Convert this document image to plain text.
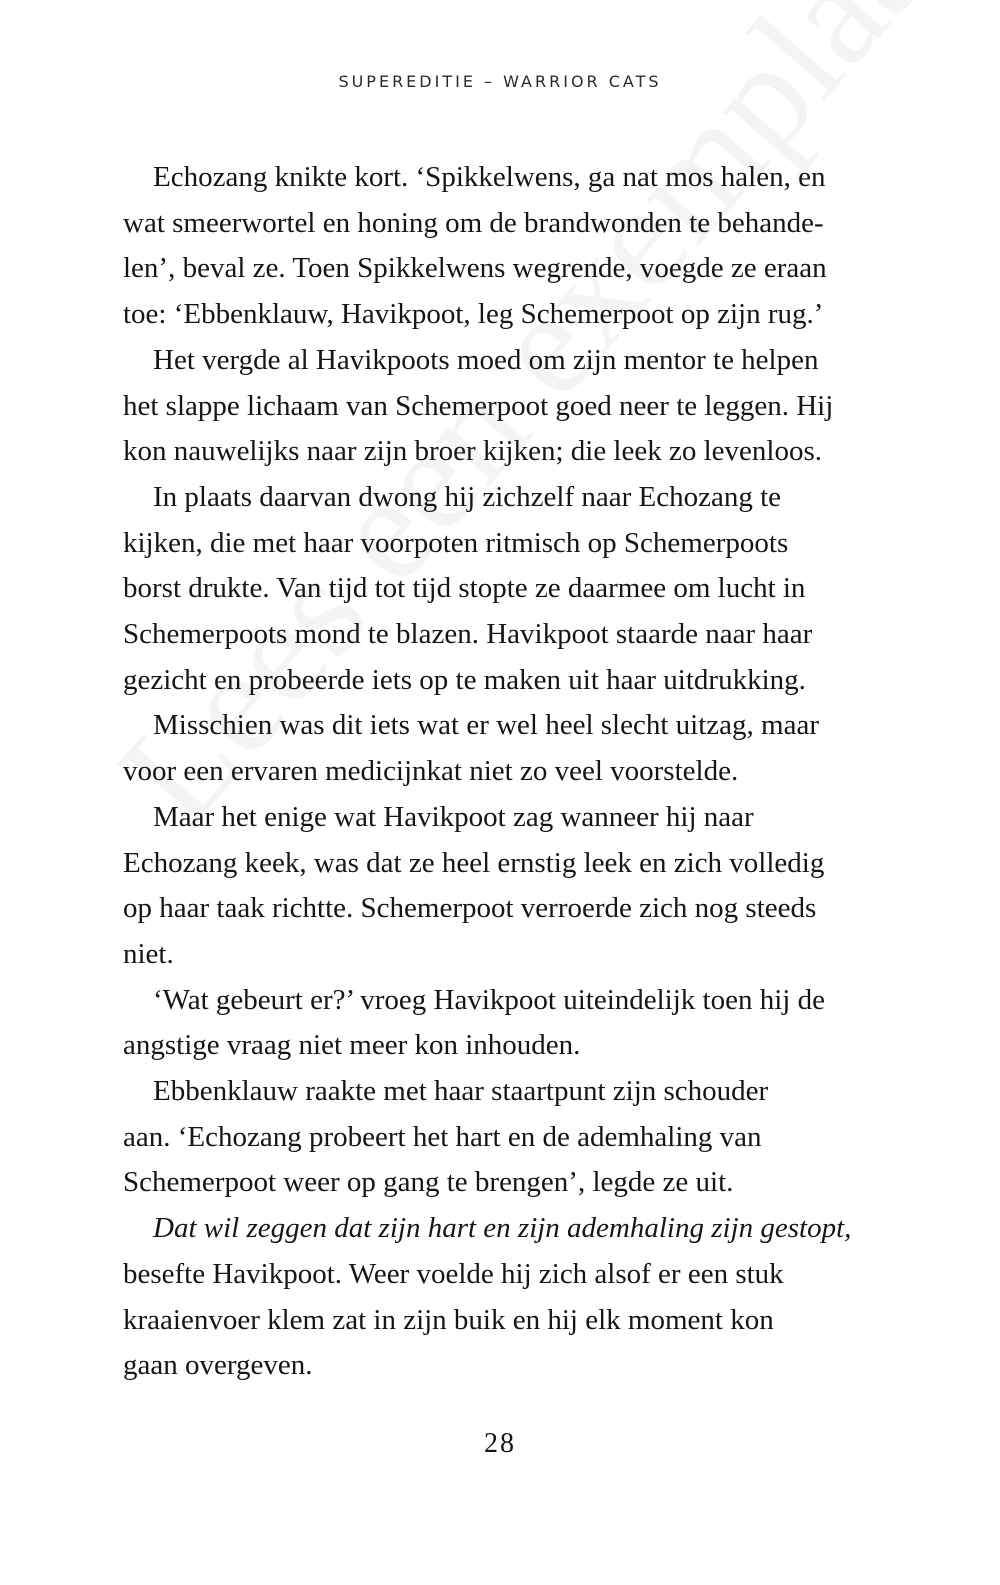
SUPEREDITIE – WARRIOR CATS
Echozang knikte kort. ‘Spikkelwens, ga nat mos halen, en
wat smeerwortel en honing om de brandwonden te behande-
len’, beval ze. Toen Spikkelwens wegrende, voegde ze eraan
toe: ‘Ebbenklauw, Havikpoot, leg Schemerpoot op zijn rug.’
Het vergde al Havikpoots moed om zijn mentor te helpen
het slappe lichaam van Schemerpoot goed neer te leggen. Hij
kon nauwelijks naar zijn broer kijken; die leek zo levenloos.
In plaats daarvan dwong hij zichzelf naar Echozang te
kijken, die met haar voorpoten ritmisch op Schemerpoots
borst drukte. Van tijd tot tijd stopte ze daarmee om lucht in
Schemerpoots mond te blazen. Havikpoot staarde naar haar
gezicht en probeerde iets op te maken uit haar uitdrukking.
Misschien was dit iets wat er wel heel slecht uitzag, maar
voor een ervaren medicijnkat niet zo veel voorstelde.
Maar het enige wat Havikpoot zag wanneer hij naar
Echozang keek, was dat ze heel ernstig leek en zich volledig
op haar taak richtte. Schemerpoot verroerde zich nog steeds
niet.
‘Wat gebeurt er?’ vroeg Havikpoot uiteindelijk toen hij de
angstige vraag niet meer kon inhouden.
Ebbenklauw raakte met haar staartpunt zijn schouder
aan. ‘Echozang probeert het hart en de ademhaling van
Schemerpoot weer op gang te brengen’, legde ze uit.
Dat wil zeggen dat zijn hart en zijn ademhaling zijn gestopt,
besefte Havikpoot. Weer voelde hij zich alsof er een stuk
kraaienvoer klem zat in zijn buik en hij elk moment kon
gaan overgeven.
28
